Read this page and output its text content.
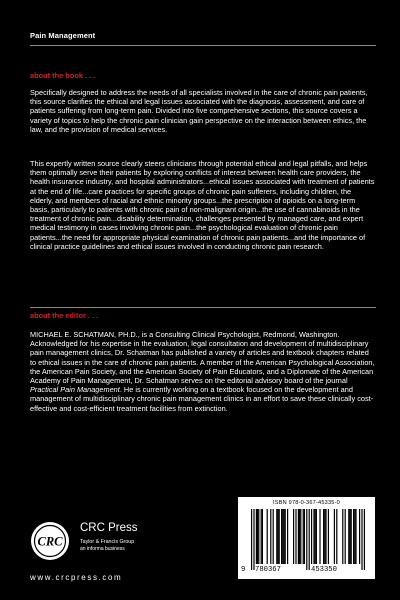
Pain Management
about the book . . .

Specifically designed to address the needs of all specialists involved in the care of chronic pain patients, this source clarifies the ethical and legal issues associated with the diagnosis, assessment, and care of patients suffering from long-term pain. Divided into five comprehensive sections, this source covers a variety of topics to help the chronic pain clinician gain perspective on the interaction between ethics, the law, and the provision of medical services.

This expertly written source clearly steers clinicians through potential ethical and legal pitfalls, and helps them optimally serve their patients by exploring conflicts of interest between health care providers, the health insurance industry, and hospital administrators...ethical issues associated with treatment of patients at the end of life...care practices for specific groups of chronic pain sufferers, including children, the elderly, and members of racial and ethnic minority groups...the prescription of opioids on a long-term basis, particularly to patients with chronic pain of non-malignant origin...the use of cannabinoids in the treatment of chronic pain...disability determination, challenges presented by managed care, and expert medical testimony in cases involving chronic pain...the psychological evaluation of chronic pain patients...the need for appropriate physical examination of chronic pain patients...and the importance of clinical practice guidelines and ethical issues involved in conducting chronic pain research.

about the editor . . .

MICHAEL E. SCHATMAN, PH.D., is a Consulting Clinical Psychologist, Redmond, Washington. Acknowledged for his expertise in the evaluation, legal consultation and development of multidisciplinary pain management clinics, Dr. Schatman has published a variety of articles and textbook chapters related to ethical issues in the care of chronic pain patients. A member of the American Psychological Association, the American Pain Society, and the American Society of Pain Educators, and a Diplomate of the American Academy of Pain Management, Dr. Schatman serves on the editorial advisory board of the journal Practical Pain Management. He is currently working on a textbook focused on the development and management of multidisciplinary chronic pain management clinics in an effort to save these clinically cost-effective and cost-efficient treatment facilities from extinction.

CRC
CRC Press
Taylor & Francis Group
an informa business
www.crcpress.com
ISBN 978-0-367-45335-0
9 780367	453350
